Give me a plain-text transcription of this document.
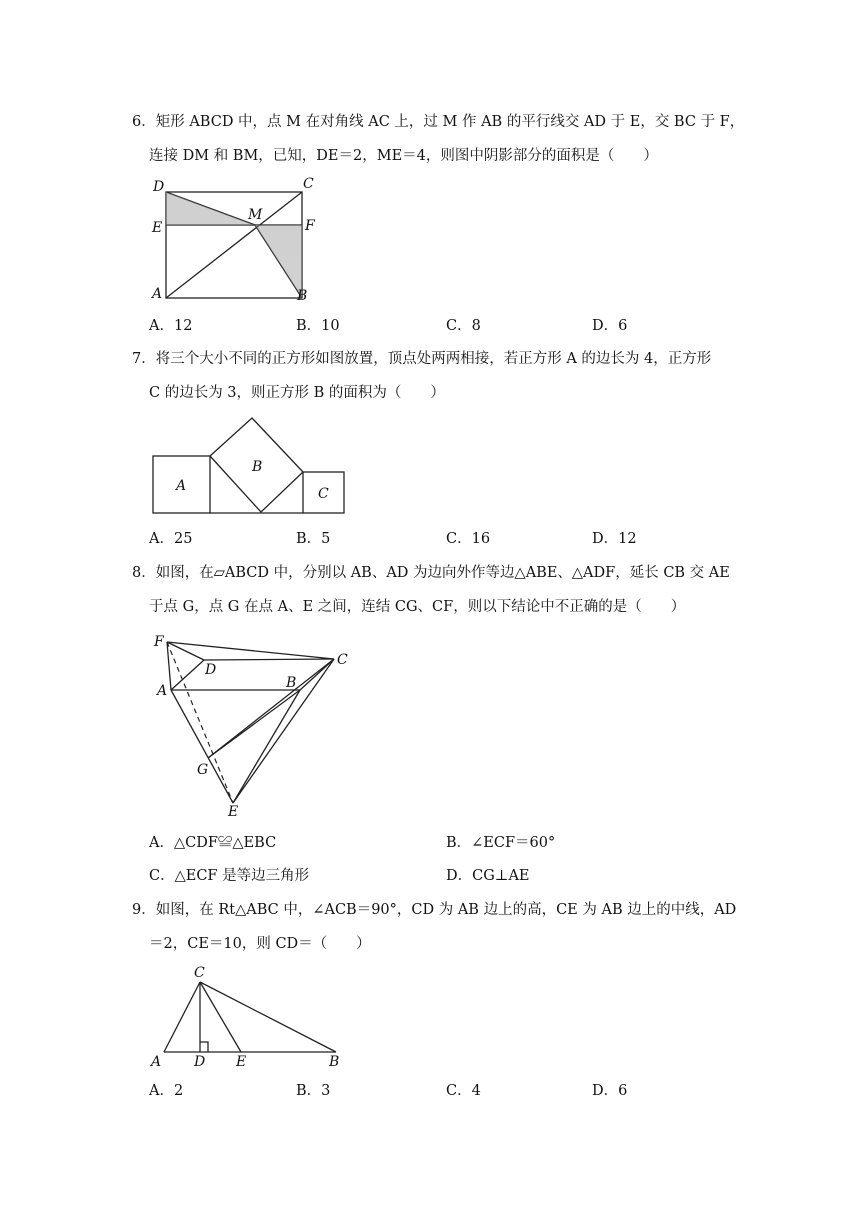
6．矩形 ABCD 中，点 M 在对角线 AC 上，过 M 作 AB 的平行线交 AD 于 E，交 BC 于 F，
连接 DM 和 BM，已知，DE＝2，ME＝4，则图中阴影部分的面积是（　　）
D	C
E
M
F
A	B
A．12	B．10	C．8	D．6
7．将三个大小不同的正方形如图放置，顶点处两两相接，若正方形 A 的边长为 4，正方形
C 的边长为 3，则正方形 B 的面积为（　　）
A
B
C
A．25	B．5	C．16	D．12
8．如图，在▱ABCD 中，分别以 AB、AD 为边向外作等边△ABE、△ADF，延长 CB 交 AE
于点 G，点 G 在点 A、E 之间，连结 CG、CF，则以下结论中不正确的是（　　）
F
D
C
A	B
G
E
A．△CDF≌△EBC	B．∠ECF＝60°
C．△ECF 是等边三角形	D．CG⊥AE
9．如图，在 Rt△ABC 中，∠ACB＝90°，CD 为 AB 边上的高，CE 为 AB 边上的中线，AD
＝2，CE＝10，则 CD＝（　　）
C
A D E	B
A．2	B．3	C．4	D．6
